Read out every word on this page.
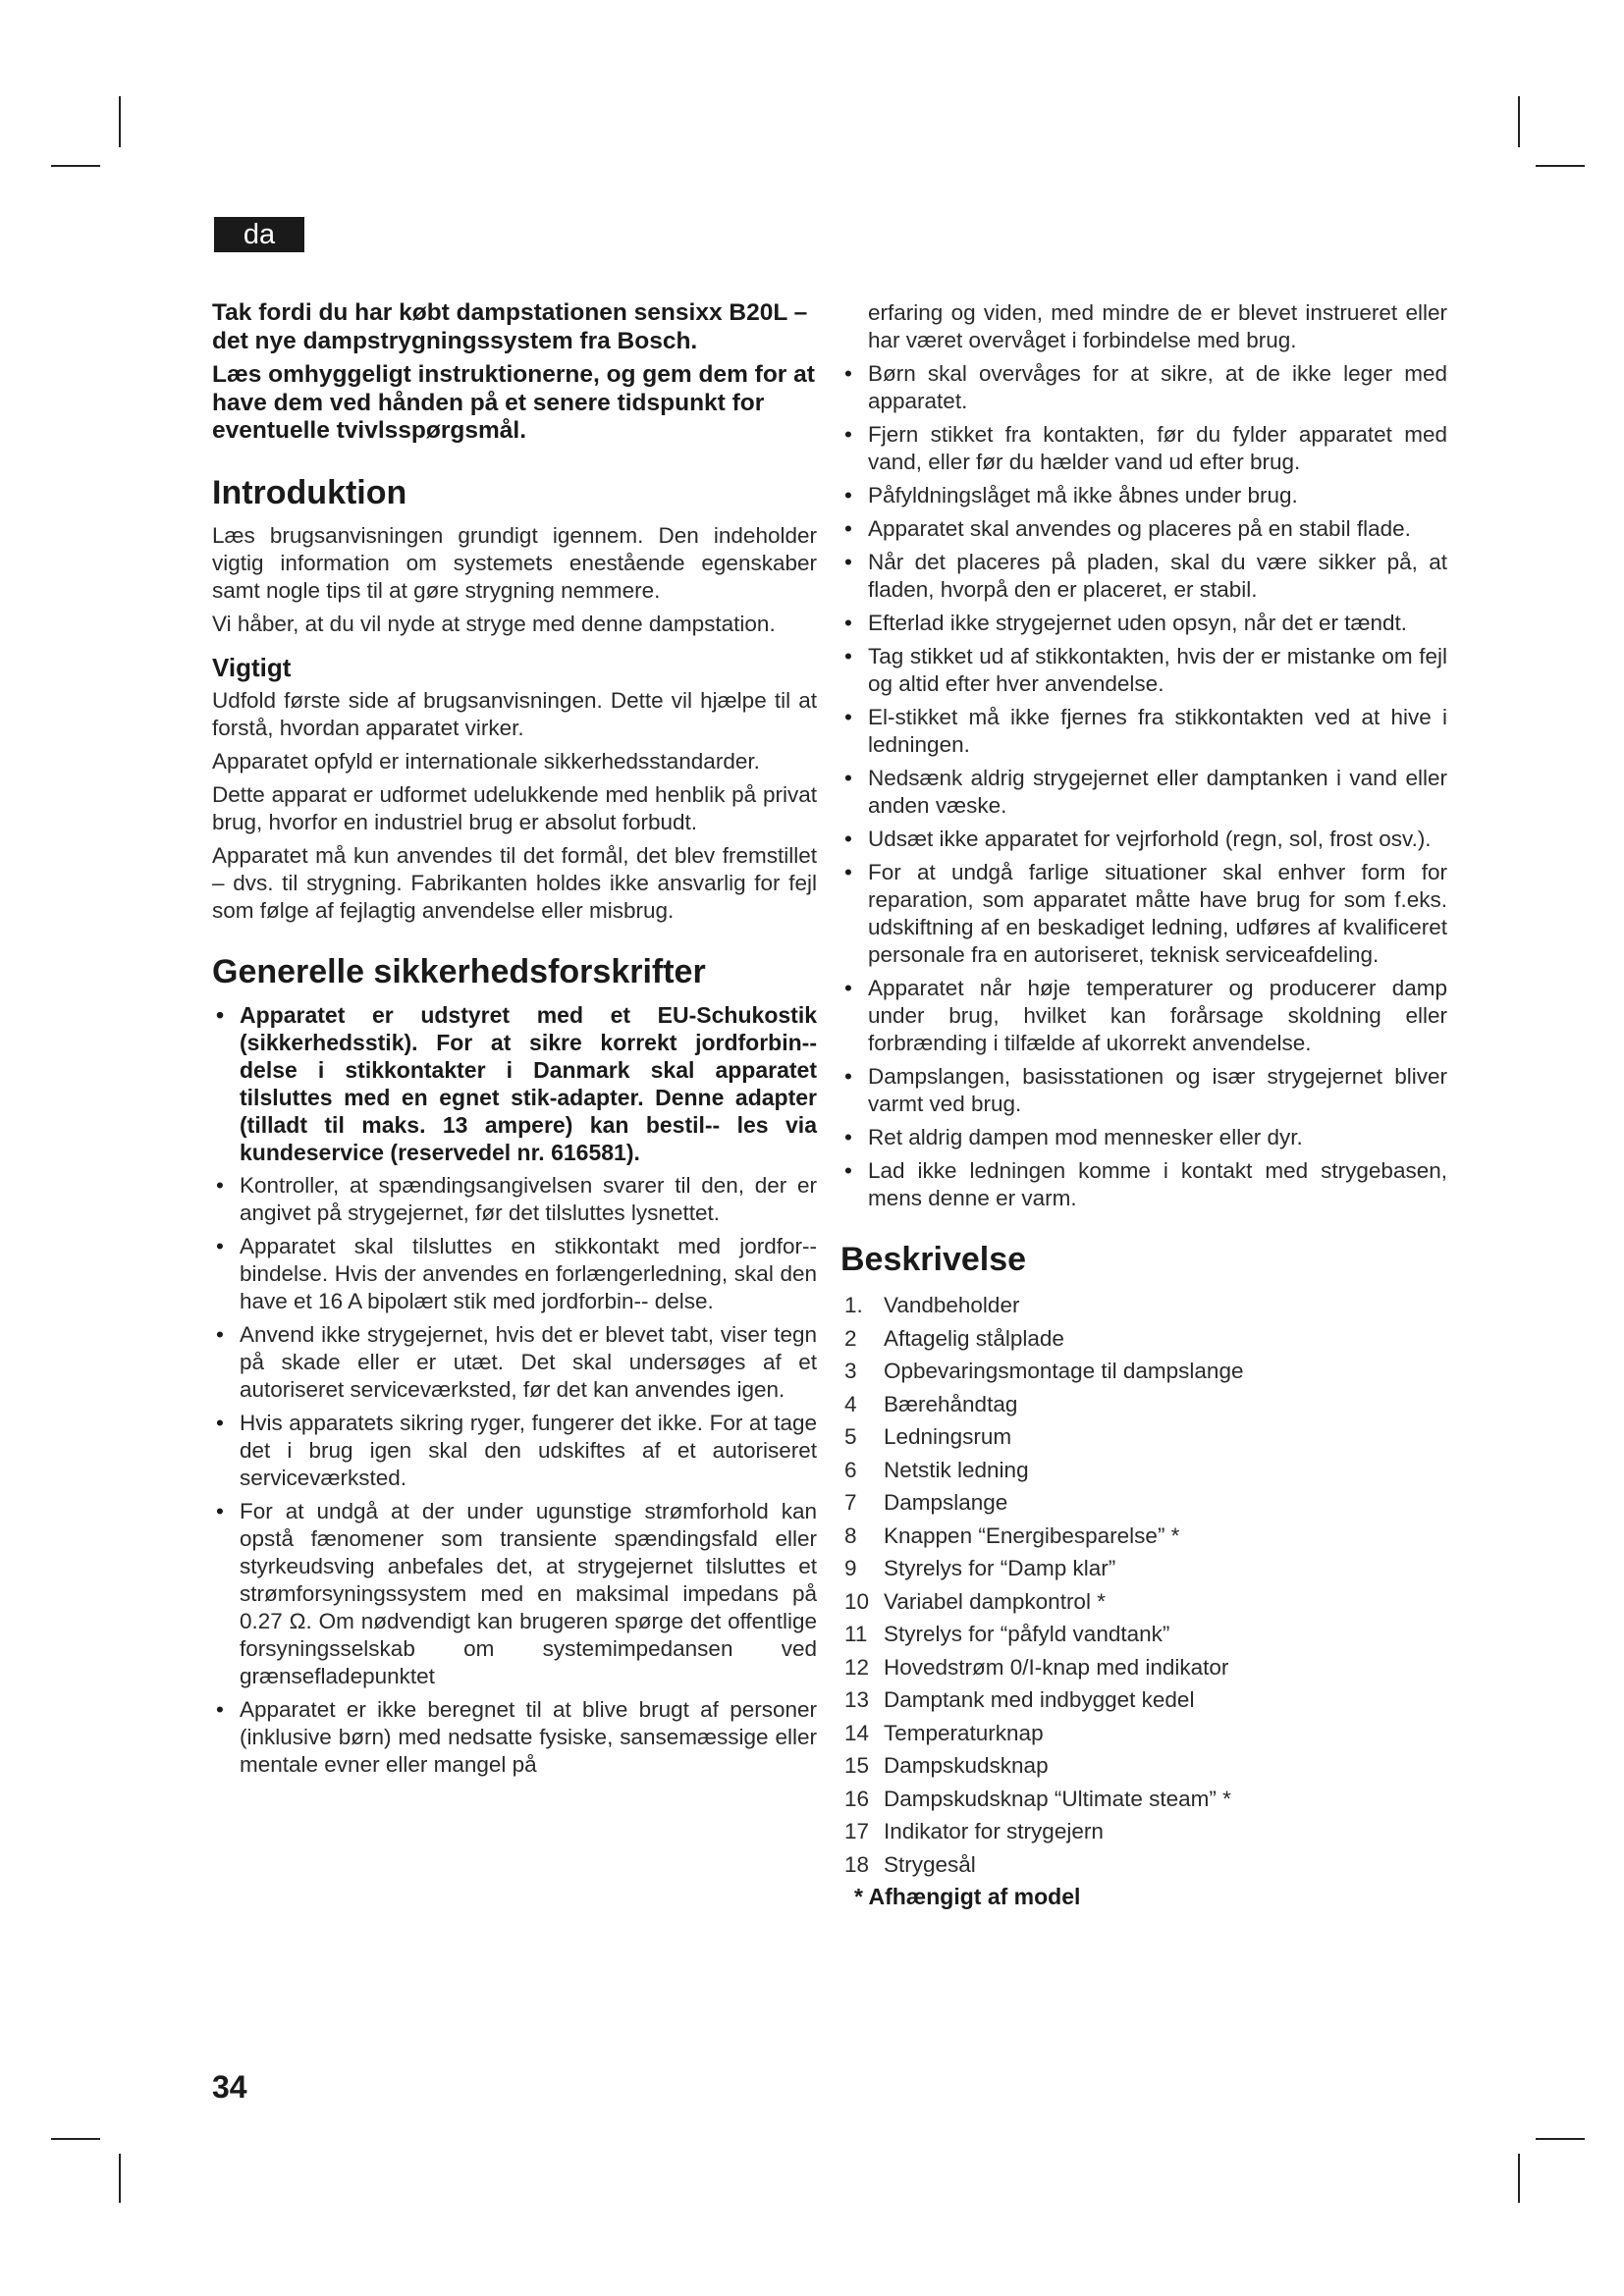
da

Tak fordi du har købt dampstationen sensixx B20L – det nye dampstrygningssystem fra Bosch.

Læs omhyggeligt instruktionerne, og gem dem for at have dem ved hånden på et senere tidspunkt for eventuelle tvivlsspørgsmål.

Introduktion

Læs brugsanvisningen grundigt igennem. Den indeholder vigtig information om systemets enestående egenskaber samt nogle tips til at gøre strygning nemmere.

Vi håber, at du vil nyde at stryge med denne dampstation.

Vigtigt

Udfold første side af brugsanvisningen. Dette vil hjælpe til at forstå, hvordan apparatet virker.

Apparatet opfyld er internationale sikkerhedsstandarder.

Dette apparat er udformet udelukkende med henblik på privat brug, hvorfor en industriel brug er absolut forbudt.

Apparatet må kun anvendes til det formål, det blev fremstillet – dvs. til strygning. Fabrikanten holdes ikke ansvarlig for fejl som følge af fejlagtig anvendelse eller misbrug.

Generelle sikkerhedsforskrifter
• Apparatet er udstyret med et EU-Schukostik (sikkerhedsstik). For at sikre korrekt jordforbin-- delse i stikkontakter i Danmark skal apparatet tilsluttes med en egnet stik-adapter. Denne adapter (tilladt til maks. 13 ampere) kan bestil-- les via kundeservice (reservedel nr. 616581).
• Kontroller, at spændingsangivelsen svarer til den, der er angivet på strygejernet, før det tilsluttes lysnettet.
• Apparatet skal tilsluttes en stikkontakt med jordfor-- bindelse. Hvis der anvendes en forlængerledning, skal den have et 16 A bipolært stik med jordforbin-- delse.
• Anvend ikke strygejernet, hvis det er blevet tabt, viser tegn på skade eller er utæt. Det skal undersøges af et autoriseret serviceværksted, før det kan anvendes igen.
• Hvis apparatets sikring ryger, fungerer det ikke. For at tage det i brug igen skal den udskiftes af et autoriseret serviceværksted.
• For at undgå at der under ugunstige strømforhold kan opstå fænomener som transiente spændingsfald eller styrkeudsving anbefales det, at strygejernet tilsluttes et strømforsyningssystem med en maksimal impedans på 0.27 Ω. Om nødvendigt kan brugeren spørge det offentlige forsyningsselskab om systemimpedansen ved grænsefladepunktet
• Apparatet er ikke beregnet til at blive brugt af personer (inklusive børn) med nedsatte fysiske, sansemæssige eller mentale evner eller mangel på

erfaring og viden, med mindre de er blevet instrueret eller har været overvåget i forbindelse med brug.

• Børn skal overvåges for at sikre, at de ikke leger med apparatet.
• Fjern stikket fra kontakten, før du fylder apparatet med vand, eller før du hælder vand ud efter brug.
• Påfyldningslåget må ikke åbnes under brug.
• Apparatet skal anvendes og placeres på en stabil flade.
• Når det placeres på pladen, skal du være sikker på, at fladen, hvorpå den er placeret, er stabil.
• Efterlad ikke strygejernet uden opsyn, når det er tændt.
• Tag stikket ud af stikkontakten, hvis der er mistanke om fejl og altid efter hver anvendelse.
• El-stikket må ikke fjernes fra stikkontakten ved at hive i ledningen.
• Nedsænk aldrig strygejernet eller damptanken i vand eller anden væske.
• Udsæt ikke apparatet for vejrforhold (regn, sol, frost osv.).
• For at undgå farlige situationer skal enhver form for reparation, som apparatet måtte have brug for som f.eks. udskiftning af en beskadiget ledning, udføres af kvalificeret personale fra en autoriseret, teknisk serviceafdeling.
• Apparatet når høje temperaturer og producerer damp under brug, hvilket kan forårsage skoldning eller forbrænding i tilfælde af ukorrekt anvendelse.
• Dampslangen, basisstationen og især strygejernet bliver varmt ved brug.
• Ret aldrig dampen mod mennesker eller dyr.
• Lad ikke ledningen komme i kontakt med strygebasen, mens denne er varm.
Beskrivelse
1. Vandbeholder
2	Aftagelig stålplade
3	Opbevaringsmontage til dampslange
4	Bærehåndtag
5	Ledningsrum
6	Netstik ledning
7	Dampslange
8	Knappen “Energibesparelse” *
9	Styrelys for “Damp klar”
10 Variabel dampkontrol *
11 Styrelys for “påfyld vandtank”
12 Hovedstrøm 0/I-knap med indikator
13 Damptank med indbygget kedel
14 Temperaturknap
15 Dampskudsknap
16 Dampskudsknap “Ultimate steam” *
17 Indikator for strygejern
18 Strygesål

* Afhængigt af model

34
